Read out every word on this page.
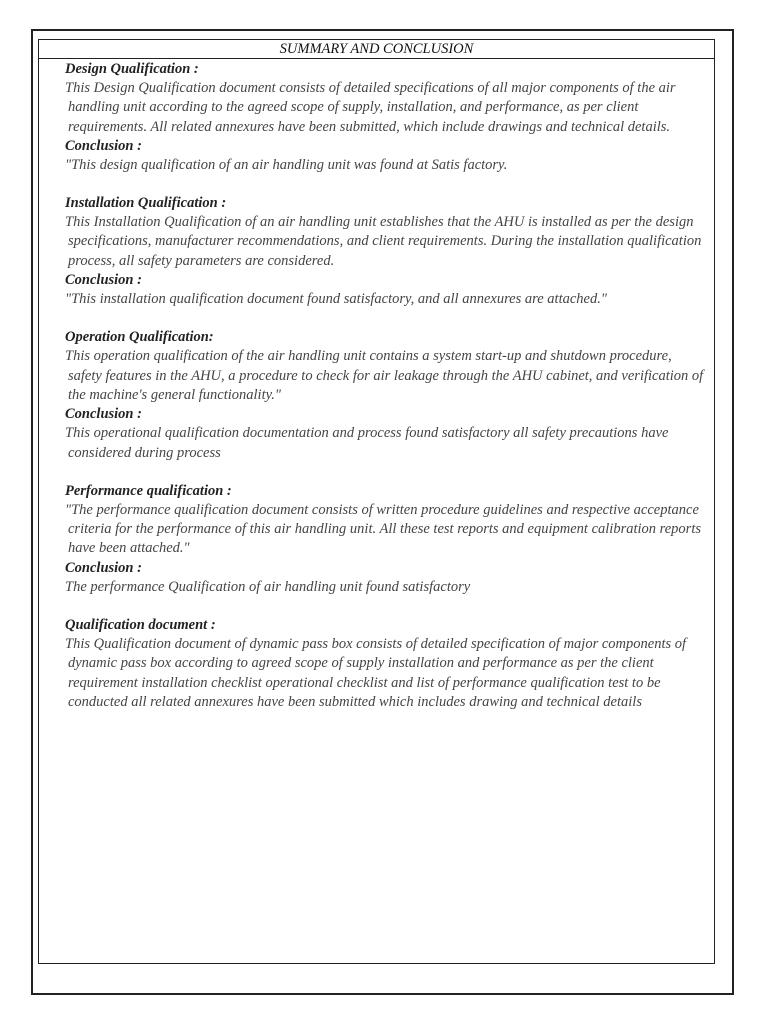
SUMMARY AND CONCLUSION

Design Qualification :

This Design Qualification document consists of detailed specifications of all major components of the air handling unit according to the agreed scope of supply, installation, and performance, as per client requirements. All related annexures have been submitted, which include drawings and technical details.

Conclusion :

"This design qualification of an air handling unit was found at Satis factory.

Installation Qualification :

This Installation Qualification of an air handling unit establishes that the AHU is installed as per the design specifications, manufacturer recommendations, and client requirements. During the installation qualification process, all safety parameters are considered.

Conclusion :

"This installation qualification document found satisfactory, and all annexures are attached."

Operation Qualification:

This operation qualification of the air handling unit contains a system start-up and shutdown procedure, safety features in the AHU, a procedure to check for air leakage through the AHU cabinet, and verification of the machine's general functionality."

Conclusion :

This operational qualification documentation and process found satisfactory all safety precautions have considered during process

Performance qualification :

"The performance qualification document consists of written procedure guidelines and respective acceptance criteria for the performance of this air handling unit. All these test reports and equipment calibration reports have been attached."

Conclusion :

The performance Qualification of air handling unit found satisfactory

Qualification document :

This Qualification document of dynamic pass box consists of detailed specification of major components of dynamic pass box according to agreed scope of supply installation and performance as per the client requirement installation checklist operational checklist and list of performance qualification test to be conducted all related annexures have been submitted which includes drawing and technical details
